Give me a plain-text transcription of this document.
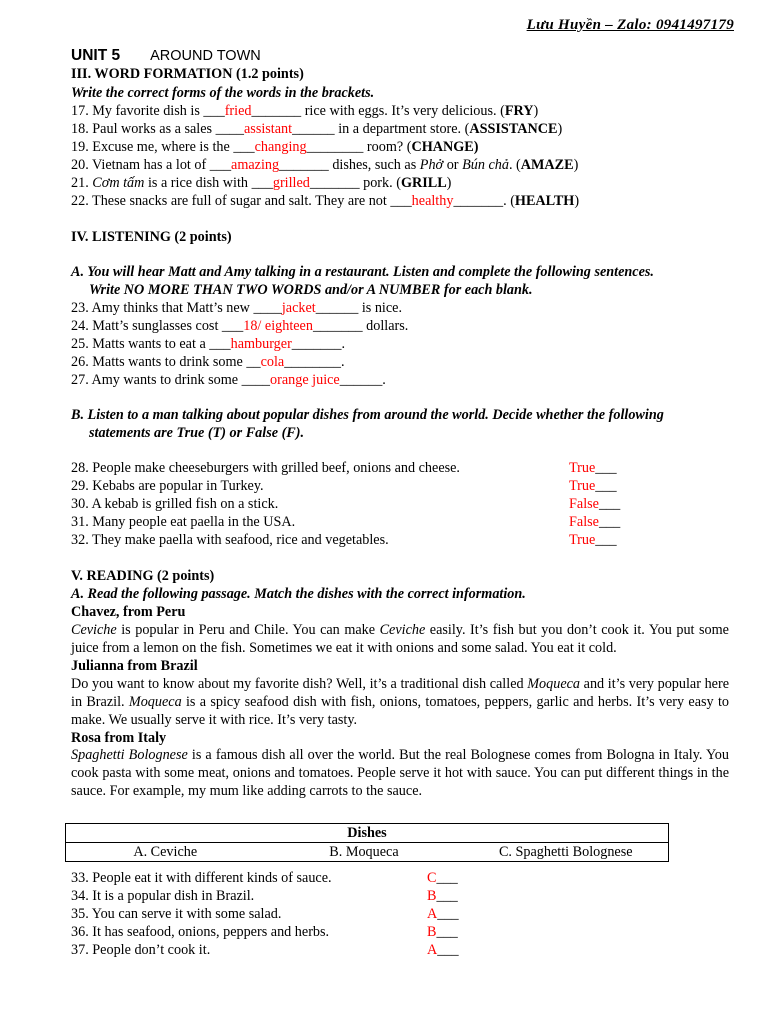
Lưu Huyền – Zalo: 0941497179
UNIT 5 AROUND TOWN
III. WORD FORMATION (1.2 points)
Write the correct forms of the words in the brackets.
17. My favorite dish is ___fried_______ rice with eggs. It’s very delicious. (FRY)
18. Paul works as a sales ____assistant______ in a department store. (ASSISTANCE)
19. Excuse me, where is the ___changing________ room? (CHANGE)
20. Vietnam has a lot of ___amazing_______ dishes, such as Phở or Bún chả. (AMAZE)
21. Cơm tấm is a rice dish with ___grilled_______ pork. (GRILL)
22. These snacks are full of sugar and salt. They are not ___healthy_______. (HEALTH)
IV. LISTENING (2 points)
A. You will hear Matt and Amy talking in a restaurant. Listen and complete the following sentences.
Write NO MORE THAN TWO WORDS and/or A NUMBER for each blank.
23. Amy thinks that Matt’s new ____jacket______ is nice.
24. Matt’s sunglasses cost ___18/ eighteen_______ dollars.
25. Matts wants to eat a ___hamburger_______.
26. Matts wants to drink some __cola________.
27. Amy wants to drink some ____orange juice______.
B. Listen to a man talking about popular dishes from around the world. Decide whether the following
statements are True (T) or False (F).
28. People make cheeseburgers with grilled beef, onions and cheese.	True___
29. Kebabs are popular in Turkey.	True___
30. A kebab is grilled fish on a stick.	False___
31. Many people eat paella in the USA.	False___
32. They make paella with seafood, rice and vegetables.	True___
V. READING (2 points)
A. Read the following passage. Match the dishes with the correct information.
Chavez, from Peru
Ceviche is popular in Peru and Chile. You can make Ceviche easily. It’s fish but you don’t cook it. You put some juice from a lemon on the fish. Sometimes we eat it with onions and some salad. You eat it cold.
Julianna from Brazil
Do you want to know about my favorite dish? Well, it’s a traditional dish called Moqueca and it’s very popular here in Brazil. Moqueca is a spicy seafood dish with fish, onions, tomatoes, peppers, garlic and herbs. It’s very easy to make. We usually serve it with rice. It’s very tasty.
Rosa from Italy
Spaghetti Bolognese is a famous dish all over the world. But the real Bolognese comes from Bologna in Italy. You cook pasta with some meat, onions and tomatoes. People serve it hot with sauce. You can put different things in the sauce. For example, my mum like adding carrots to the sauce.
Dishes
A. Ceviche	B. Moqueca	C. Spaghetti Bolognese
33. People eat it with different kinds of sauce.	C___
34. It is a popular dish in Brazil.	B___
35. You can serve it with some salad.	A___
36. It has seafood, onions, peppers and herbs.	B___
37. People don’t cook it.	A___
